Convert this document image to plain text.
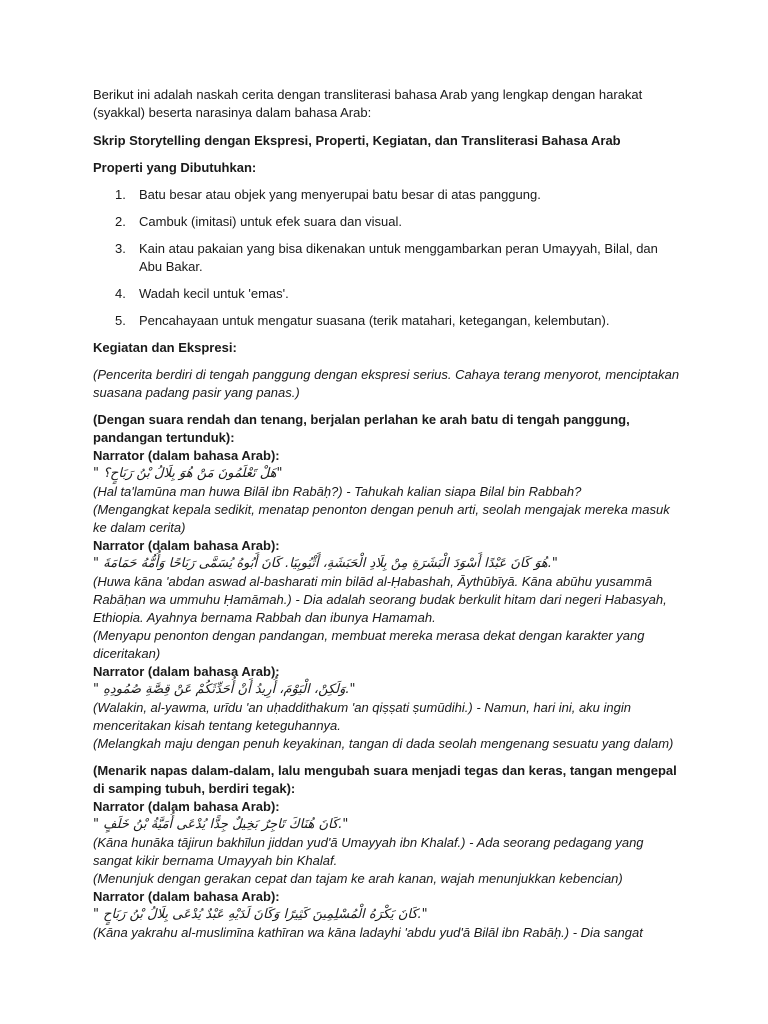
Berikut ini adalah naskah cerita dengan transliterasi bahasa Arab yang lengkap dengan harakat (syakkal) beserta narasinya dalam bahasa Arab:

Skrip Storytelling dengan Ekspresi, Properti, Kegiatan, dan Transliterasi Bahasa Arab

Properti yang Dibutuhkan:

1. Batu besar atau objek yang menyerupai batu besar di atas panggung.
2. Cambuk (imitasi) untuk efek suara dan visual.
3. Kain atau pakaian yang bisa dikenakan untuk menggambarkan peran Umayyah, Bilal, dan Abu Bakar.
4. Wadah kecil untuk 'emas'.
5. Pencahayaan untuk mengatur suasana (terik matahari, ketegangan, kelembutan).

Kegiatan dan Ekspresi:

(Pencerita berdiri di tengah panggung dengan ekspresi serius. Cahaya terang menyorot, menciptakan suasana padang pasir yang panas.)

(Dengan suara rendah dan tenang, berjalan perlahan ke arah batu di tengah panggung, pandangan tertunduk):

Narrator (dalam bahasa Arab):

" هَلْ تَعْلَمُونَ مَنْ هُوَ بِلَالُ بْنُ رَبَاحٍ؟"

(Hal ta'lamūna man huwa Bilāl ibn Rabāḥ?) - Tahukah kalian siapa Bilal bin Rabbah?

(Mengangkat kepala sedikit, menatap penonton dengan penuh arti, seolah mengajak mereka masuk ke dalam cerita)

Narrator (dalam bahasa Arab):

" هُوَ كَانَ عَبْدًا أَسْوَدَ الْبَشَرَةِ مِنْ بِلَادِ الْحَبَشَةِ، أَثْيُوبِيَا. كَانَ أَبُوهُ يُسَمَّى رَبَاحًا وَأُمُّهُ حَمَامَةَ."

(Huwa kāna 'abdan aswad al-basharati min bilād al-Ḥabashah, Āythūbīyā. Kāna abūhu yusammā Rabāḥan wa ummuhu Ḥamāmah.) - Dia adalah seorang budak berkulit hitam dari negeri Habasyah, Ethiopia. Ayahnya bernama Rabbah dan ibunya Hamamah.

(Menyapu penonton dengan pandangan, membuat mereka merasa dekat dengan karakter yang diceritakan)

Narrator (dalam bahasa Arab):

" وَلَكِنْ، الْيَوْمَ، أُرِيدُ أَنْ أُحَدِّثَكُمْ عَنْ قِصَّةِ صُمُودِهِ."

(Walakin, al-yawma, urīdu 'an uḥaddithakum 'an qiṣṣati ṣumūdihi.) - Namun, hari ini, aku ingin menceritakan kisah tentang keteguhannya.

(Melangkah maju dengan penuh keyakinan, tangan di dada seolah mengenang sesuatu yang dalam)

(Menarik napas dalam-dalam, lalu mengubah suara menjadi tegas dan keras, tangan mengepal di samping tubuh, berdiri tegak):

Narrator (dalam bahasa Arab):

" كَانَ هُنَاكَ تَاجِرٌ بَخِيلٌ جِدًّا يُدْعَى أُمَيَّةُ بْنُ خَلَفٍ."

(Kāna hunāka tājirun bakhīlun jiddan yud'ā Umayyah ibn Khalaf.) - Ada seorang pedagang yang sangat kikir bernama Umayyah bin Khalaf.

(Menunjuk dengan gerakan cepat dan tajam ke arah kanan, wajah menunjukkan kebencian)

Narrator (dalam bahasa Arab):

" كَانَ يَكْرَهُ الْمُسْلِمِينَ كَثِيرًا وَكَانَ لَدَيْهِ عَبْدٌ يُدْعَى بِلَالُ بْنُ رَبَاحٍ."

(Kāna yakrahu al-muslimīna kathīran wa kāna ladayhi 'abdu yud'ā Bilāl ibn Rabāḥ.) - Dia sangat
